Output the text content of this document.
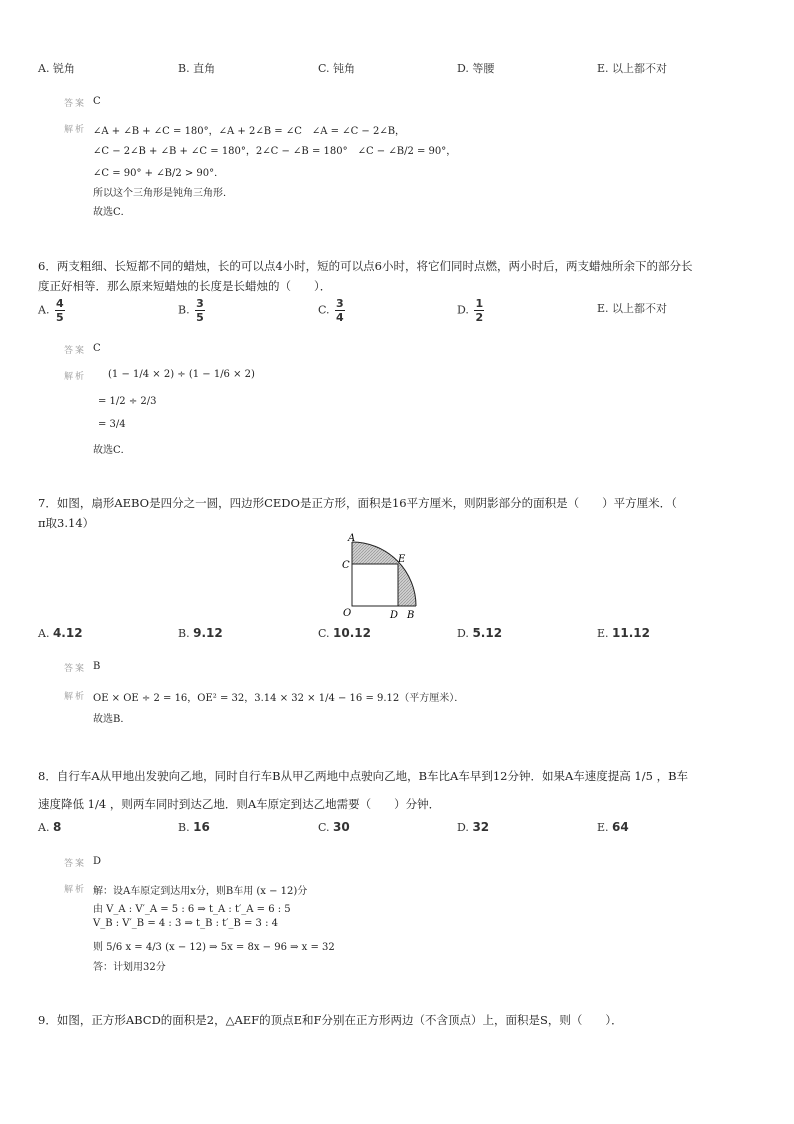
A. 锐角	B. 直角	C. 钝角	D. 等腰	E. 以上都不对
答案 C
解析 ∠A + ∠B + ∠C = 180°，∠A + 2∠B = ∠C　∠A = ∠C − 2∠B，
∠C − 2∠B + ∠B + ∠C = 180°，2∠C − ∠B = 180°　∠C − ∠B/2 = 90°，
∠C = 90° + ∠B/2 > 90°．
所以这个三角形是钝角三角形．
故选C．
6．两支粗细、长短都不同的蜡烛，长的可以点4小时，短的可以点6小时，将它们同时点燃，两小时后，两支蜡烛所余下的部分长
度正好相等．那么原来短蜡烛的长度是长蜡烛的（　　）．
A. $\frac{4}{5}$	B. $\frac{3}{5}$	C. $\frac{3}{4}$	D. $\frac{1}{2}$	E. 以上都不对
答案 C
解析 (1 − 1/4 × 2) ÷ (1 − 1/6 × 2)
= 1/2 ÷ 2/3
= 3/4
故选C．
7．如图，扇形AEBO是四分之一圆，四边形CEDO是正方形，面积是16平方厘米，则阴影部分的面积是（　　）平方厘米．（
π取3.14）
A
C
E
O	D B
A. 4.12	B. 9.12	C. 10.12	D. 5.12	E. 11.12
答案 B
解析 OE × OE ÷ 2 = 16，OE² = 32，3.14 × 32 × 1/4 − 16 = 9.12（平方厘米）．
故选B．
8．自行车A从甲地出发驶向乙地，同时自行车B从甲乙两地中点驶向乙地，B车比A车早到12分钟．如果A车速度提高 1/5 ，B车
速度降低 1/4 ，则两车同时到达乙地．则A车原定到达乙地需要（　　）分钟．
A. 8	B. 16	C. 30	D. 32	E. 64
答案 D
解析 解：设A车原定到达用x分，则B车用 (x − 12)分
由 V_A : V′_A = 5 : 6 ⇒ t_A : t′_A = 6 : 5
V_B : V′_B = 4 : 3 ⇒ t_B : t′_B = 3 : 4
则 5/6 x = 4/3 (x − 12) ⇒ 5x = 8x − 96 ⇒ x = 32
答：计划用32分
9．如图，正方形ABCD的面积是2，△AEF的顶点E和F分别在正方形两边（不含顶点）上，面积是S，则（　　）．
